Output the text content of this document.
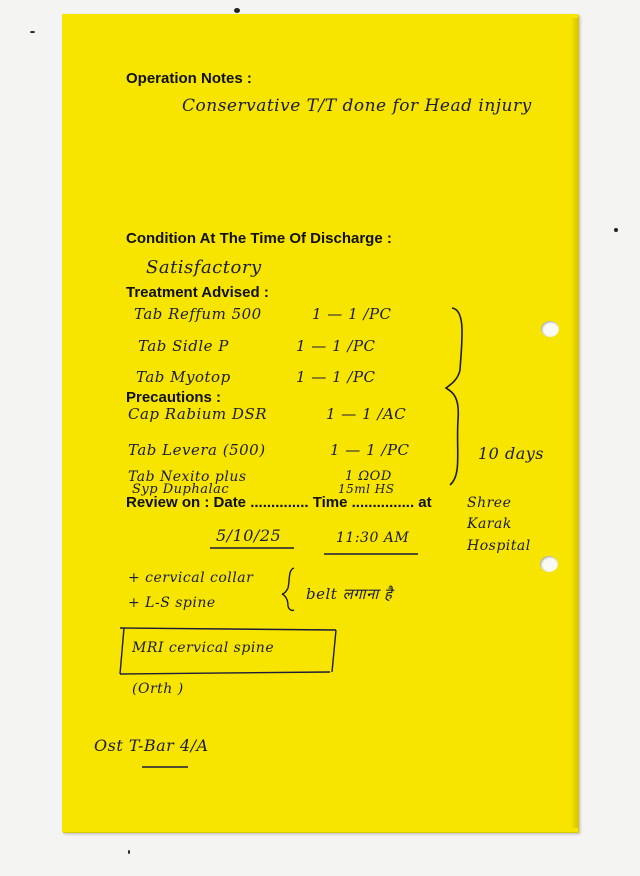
Operation Notes :
Condition At The Time Of Discharge :
Treatment Advised :
Precautions :
Review on : Date .............. Time ............... at
Conservative T/T done for Head injury
Satisfactory
Tab Reffum 500	1 — 1 /PC
Tab Sidle P	1 — 1 /PC
Tab Myotop	1 — 1 /PC
Cap Rabium DSR	1 — 1 /AC
Tab Levera (500)	1 — 1 /PC
Tab Nexito plus	1 ΩOD
Syp Duphalac	15ml HS
10 days
5/10/25	11:30 AM
Shree
Karak
Hospital
+ cervical collar
+ L-S spine	belt लगाना है
MRI cervical spine
(Orth )
Ost T-Bar 4/A
